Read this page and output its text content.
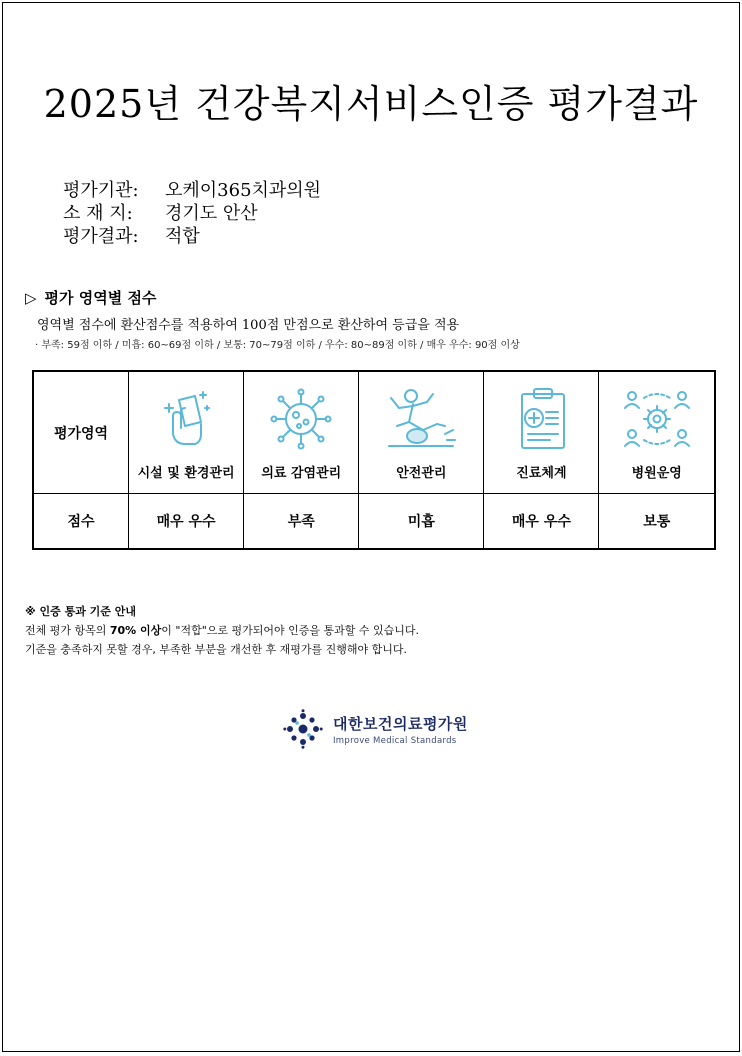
2025년 건강복지서비스인증 평가결과
평가기관:	오케이365치과의원
소 재 지:	경기도 안산
평가결과:	적합
▷ 평가 영역별 점수
영역별 점수에 환산점수를 적용하여 100점 만점으로 환산하여 등급을 적용
· 부족: 59점 이하 / 미흡: 60~69점 이하 / 보통: 70~79점 이하 / 우수: 80~89점 이하 / 매우 우수: 90점 이상
평가영역	시설 및 환경관리	의료 감염관리	안전관리	진료체계	병원운영

점수	매우 우수	부족	미흡	매우 우수	보통
※ 인증 통과 기준 안내
전체 평가 항목의 70% 이상이 "적합"으로 평가되어야 인증을 통과할 수 있습니다.
기준을 충족하지 못할 경우, 부족한 부분을 개선한 후 재평가를 진행해야 합니다.
대한보건의료평가원
Improve Medical Standards
